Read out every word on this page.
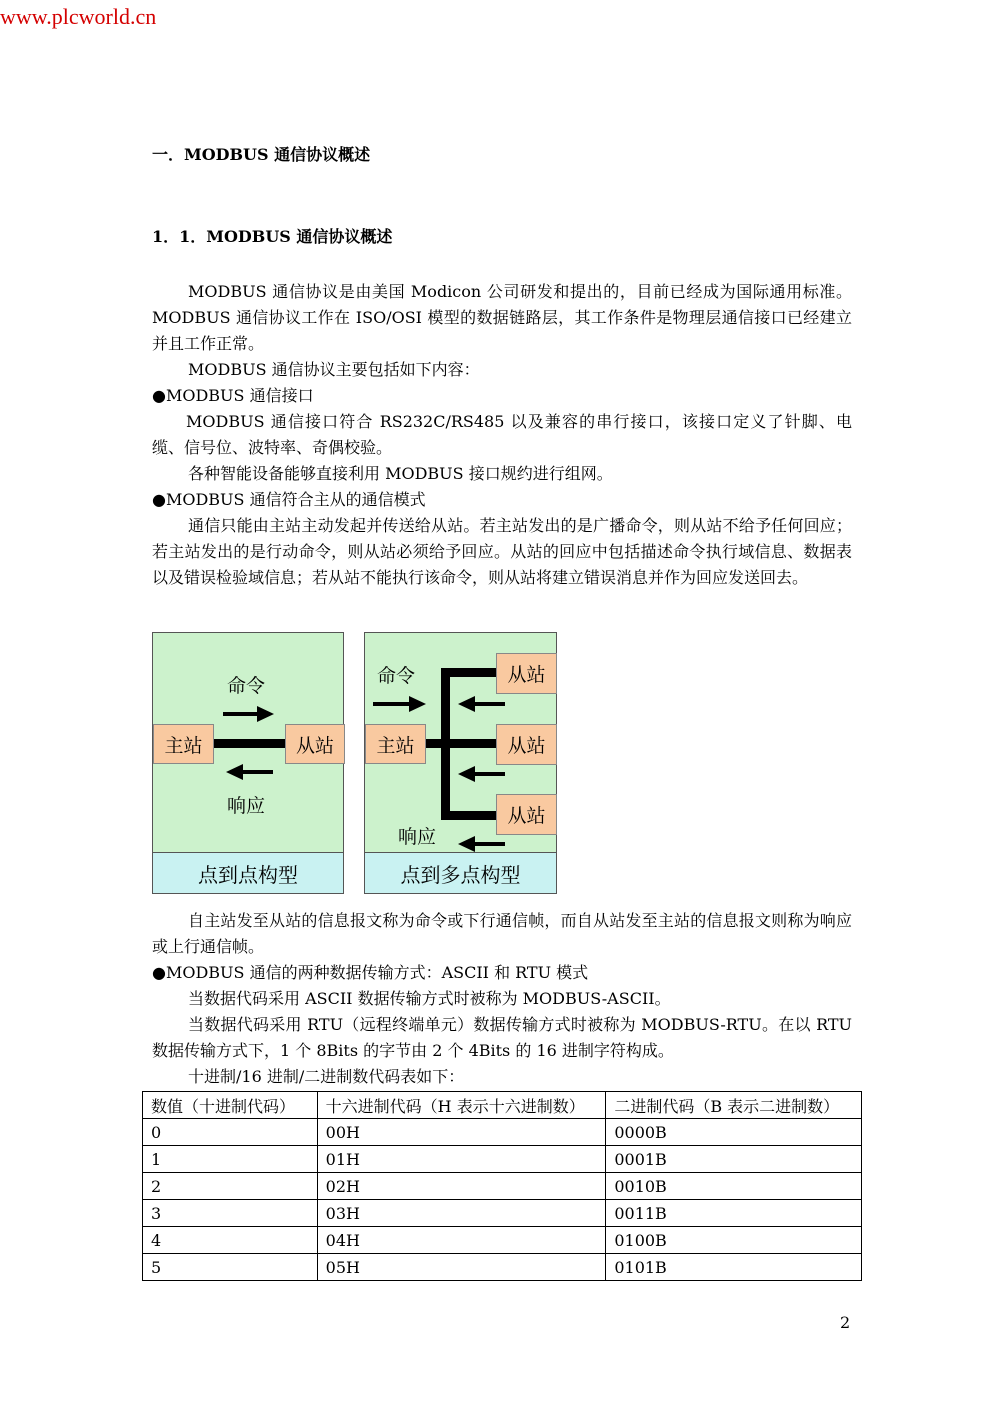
www.plcworld.cn
一．MODBUS 通信协议概述
1．1．MODBUS 通信协议概述

MODBUS 通信协议是由美国 Modicon 公司研发和提出的，目前已经成为国际通用标准。MODBUS 通信协议工作在 ISO/OSI 模型的数据链路层，其工作条件是物理层通信接口已经建立并且工作正常。

MODBUS 通信协议主要包括如下内容：

●MODBUS 通信接口

MODBUS 通信接口符合 RS232C/RS485 以及兼容的串行接口，该接口定义了针脚、电缆、信号位、波特率、奇偶校验。

各种智能设备能够直接利用 MODBUS 接口规约进行组网。

●MODBUS 通信符合主从的通信模式

通信只能由主站主动发起并传送给从站。若主站发出的是广播命令，则从站不给予任何回应；若主站发出的是行动命令，则从站必须给予回应。从站的回应中包括描述命令执行域信息、数据表以及错误检验域信息；若从站不能执行该命令，则从站将建立错误消息并作为回应发送回去。

命令
响应
主站	从站
点到点构型
命令
响应
主站
从站
从站
从站
点到多点构型

自主站发至从站的信息报文称为命令或下行通信帧，而自从站发至主站的信息报文则称为响应或上行通信帧。

●MODBUS 通信的两种数据传输方式：ASCII 和 RTU 模式

当数据代码采用 ASCII 数据传输方式时被称为 MODBUS-ASCII。

当数据代码采用 RTU（远程终端单元）数据传输方式时被称为 MODBUS-RTU。在以 RTU 数据传输方式下，1 个 8Bits 的字节由 2 个 4Bits 的 16 进制字符构成。

十进制/16 进制/二进制数代码表如下：

数值（十进制代码）	十六进制代码（H 表示十六进制数）	二进制代码（B 表示二进制数）
0	00H	0000B
1	01H	0001B
2	02H	0010B
3	03H	0011B
4	04H	0100B
5	05H	0101B
2
